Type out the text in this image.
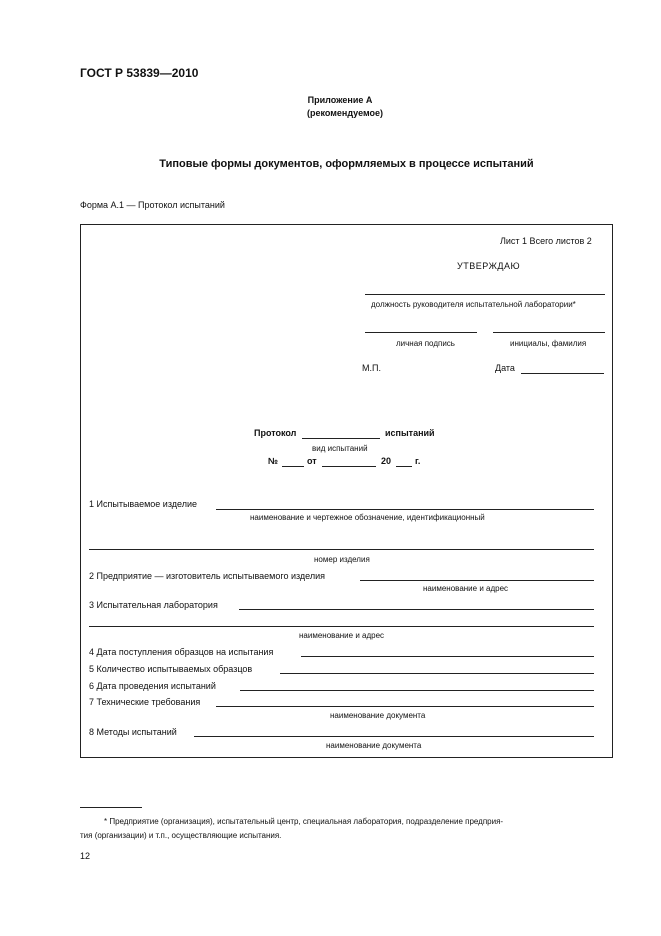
ГОСТ Р 53839—2010
Приложение А
(рекомендуемое)
Типовые формы документов, оформляемых в процессе испытаний
Форма А.1 — Протокол испытаний
Лист 1 Всего листов 2
УТВЕРЖДАЮ
должность руководителя испытательной лаборатории*
личная подпись	инициалы, фамилия
М.П.	Дата
Протокол	испытаний
вид испытаний
№	от	20	г.
1 Испытываемое изделие
наименование и чертежное обозначение, идентификационный
номер изделия
2 Предприятие — изготовитель испытываемого изделия
наименование и адрес
3 Испытательная лаборатория
наименование и адрес
4 Дата поступления образцов на испытания
5 Количество испытываемых образцов
6 Дата проведения испытаний
7 Технические требования
наименование документа
8 Методы испытаний
наименование документа
* Предприятие (организация), испытательный центр, специальная лаборатория, подразделение предприя-
тия (организации) и т.п., осуществляющие испытания.
12
